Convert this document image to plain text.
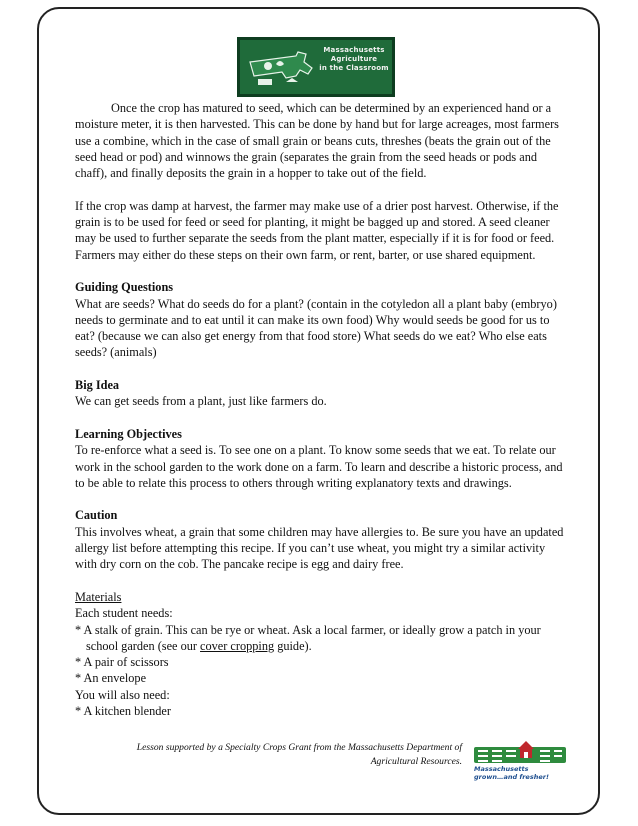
Massachusetts
Agriculture
in the Classroom

Once the crop has matured to seed, which can be determined by an experienced hand or a moisture meter, it is then harvested. This can be done by hand but for large acreages, most farmers use a combine, which in the case of small grain or beans cuts, threshes (beats the grain out of the seed head or pod) and winnows the grain (separates the grain from the seed heads or pods and chaff), and finally deposits the grain in a hopper to take out of the field.

If the crop was damp at harvest, the farmer may make use of a drier post harvest. Otherwise, if the grain is to be used for feed or seed for planting, it might be bagged up and stored. A seed cleaner may be used to further separate the seeds from the plant matter, especially if it is for food or feed. Farmers may either do these steps on their own farm, or rent, barter, or use shared equipment.

Guiding Questions
What are seeds? What do seeds do for a plant? (contain in the cotyledon all a plant baby (embryo) needs to germinate and to eat until it can make its own food) Why would seeds be good for us to eat? (because we can also get energy from that food store) What seeds do we eat? Who else eats seeds? (animals)

Big Idea
We can get seeds from a plant, just like farmers do.

Learning Objectives
To re-enforce what a seed is. To see one on a plant. To know some seeds that we eat. To relate our work in the school garden to the work done on a farm. To learn and describe a historic process, and to be able to relate this process to others through writing explanatory texts and drawings.

Caution
This involves wheat, a grain that some children may have allergies to. Be sure you have an updated allergy list before attempting this recipe. If you can’t use wheat, you might try a similar activity with dry corn on the cob. The pancake recipe is egg and dairy free.

Materials
Each student needs:
* A stalk of grain. This can be rye or wheat. Ask a local farmer, or ideally grow a patch in your
school garden (see our cover cropping guide).
* A pair of scissors
* An envelope
You will also need:
* A kitchen blender
Lesson supported by a Specialty Crops Grant from the Massachusetts Department of
Agricultural Resources.
Massachusetts
grown…and fresher!
